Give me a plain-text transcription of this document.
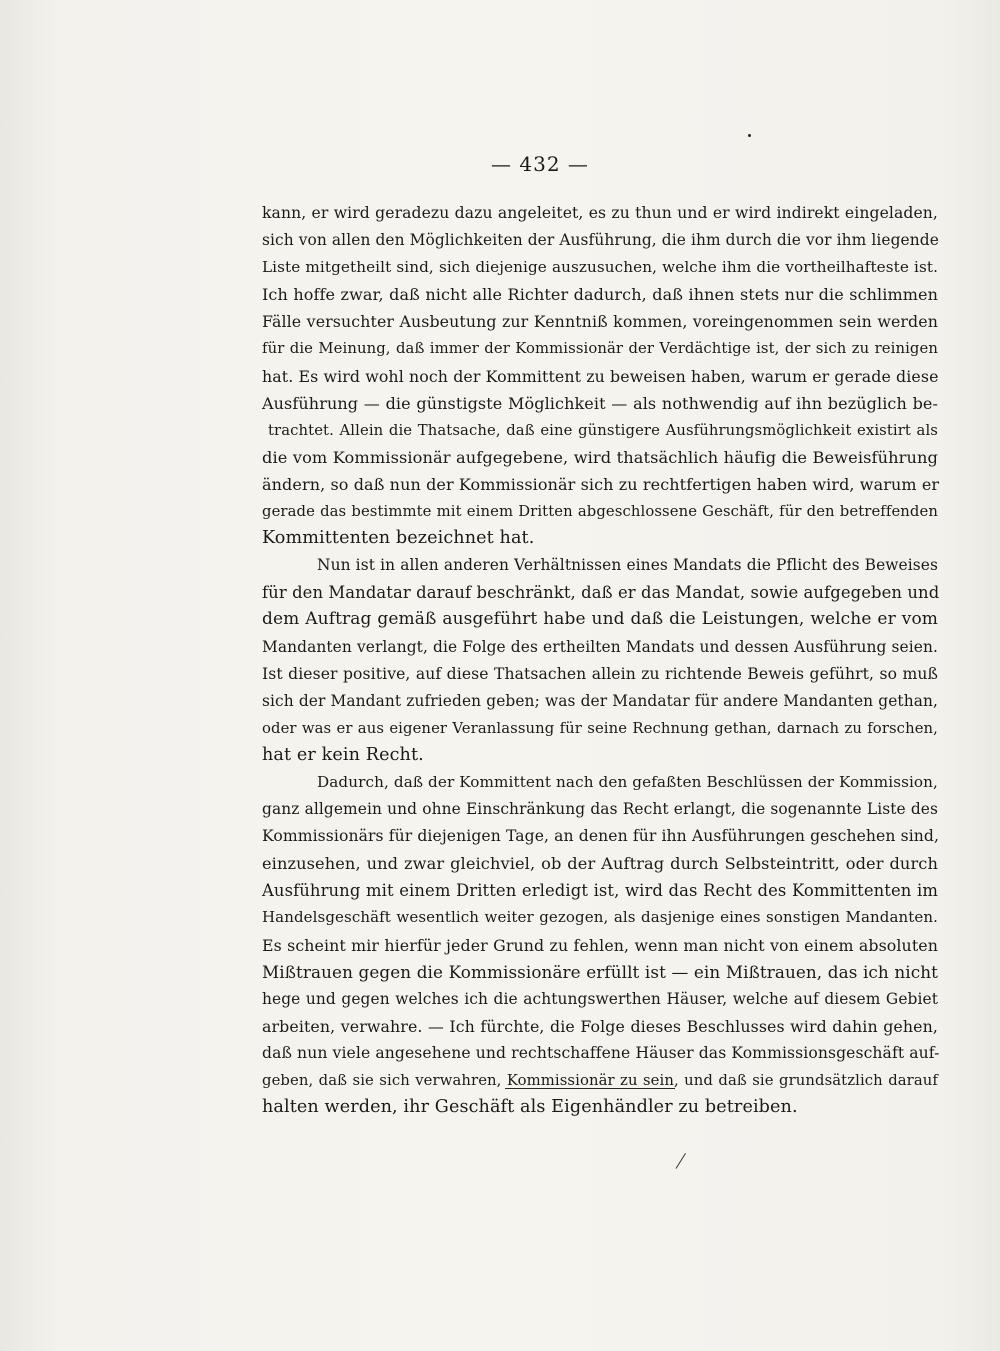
— 432 —
kann, er wird geradezu dazu angeleitet, es zu thun und er wird indirekt eingeladen,
sich von allen den Möglichkeiten der Ausführung, die ihm durch die vor ihm liegende
Liste mitgetheilt sind, sich diejenige auszusuchen, welche ihm die vortheilhafteste ist.
Ich hoffe zwar, daß nicht alle Richter dadurch, daß ihnen stets nur die schlimmen
Fälle versuchter Ausbeutung zur Kenntniß kommen, voreingenommen sein werden
für die Meinung, daß immer der Kommissionär der Verdächtige ist, der sich zu reinigen
hat. Es wird wohl noch der Kommittent zu beweisen haben, warum er gerade diese
Ausführung — die günstigste Möglichkeit — als nothwendig auf ihn bezüglich be-
trachtet. Allein die Thatsache, daß eine günstigere Ausführungsmöglichkeit existirt als
die vom Kommissionär aufgegebene, wird thatsächlich häufig die Beweisführung
ändern, so daß nun der Kommissionär sich zu rechtfertigen haben wird, warum er
gerade das bestimmte mit einem Dritten abgeschlossene Geschäft, für den betreffenden
Kommittenten bezeichnet hat.
Nun ist in allen anderen Verhältnissen eines Mandats die Pflicht des Beweises
für den Mandatar darauf beschränkt, daß er das Mandat, sowie aufgegeben und
dem Auftrag gemäß ausgeführt habe und daß die Leistungen, welche er vom
Mandanten verlangt, die Folge des ertheilten Mandats und dessen Ausführung seien.
Ist dieser positive, auf diese Thatsachen allein zu richtende Beweis geführt, so muß
sich der Mandant zufrieden geben; was der Mandatar für andere Mandanten gethan,
oder was er aus eigener Veranlassung für seine Rechnung gethan, darnach zu forschen,
hat er kein Recht.
Dadurch, daß der Kommittent nach den gefaßten Beschlüssen der Kommission,
ganz allgemein und ohne Einschränkung das Recht erlangt, die sogenannte Liste des
Kommissionärs für diejenigen Tage, an denen für ihn Ausführungen geschehen sind,
einzusehen, und zwar gleichviel, ob der Auftrag durch Selbsteintritt, oder durch
Ausführung mit einem Dritten erledigt ist, wird das Recht des Kommittenten im
Handelsgeschäft wesentlich weiter gezogen, als dasjenige eines sonstigen Mandanten.
Es scheint mir hierfür jeder Grund zu fehlen, wenn man nicht von einem absoluten
Mißtrauen gegen die Kommissionäre erfüllt ist — ein Mißtrauen, das ich nicht
hege und gegen welches ich die achtungswerthen Häuser, welche auf diesem Gebiet
arbeiten, verwahre. — Ich fürchte, die Folge dieses Beschlusses wird dahin gehen,
daß nun viele angesehene und rechtschaffene Häuser das Kommissionsgeschäft auf-
geben, daß sie sich verwahren, Kommissionär zu sein, und daß sie grundsätzlich darauf
halten werden, ihr Geschäft als Eigenhändler zu betreiben.
